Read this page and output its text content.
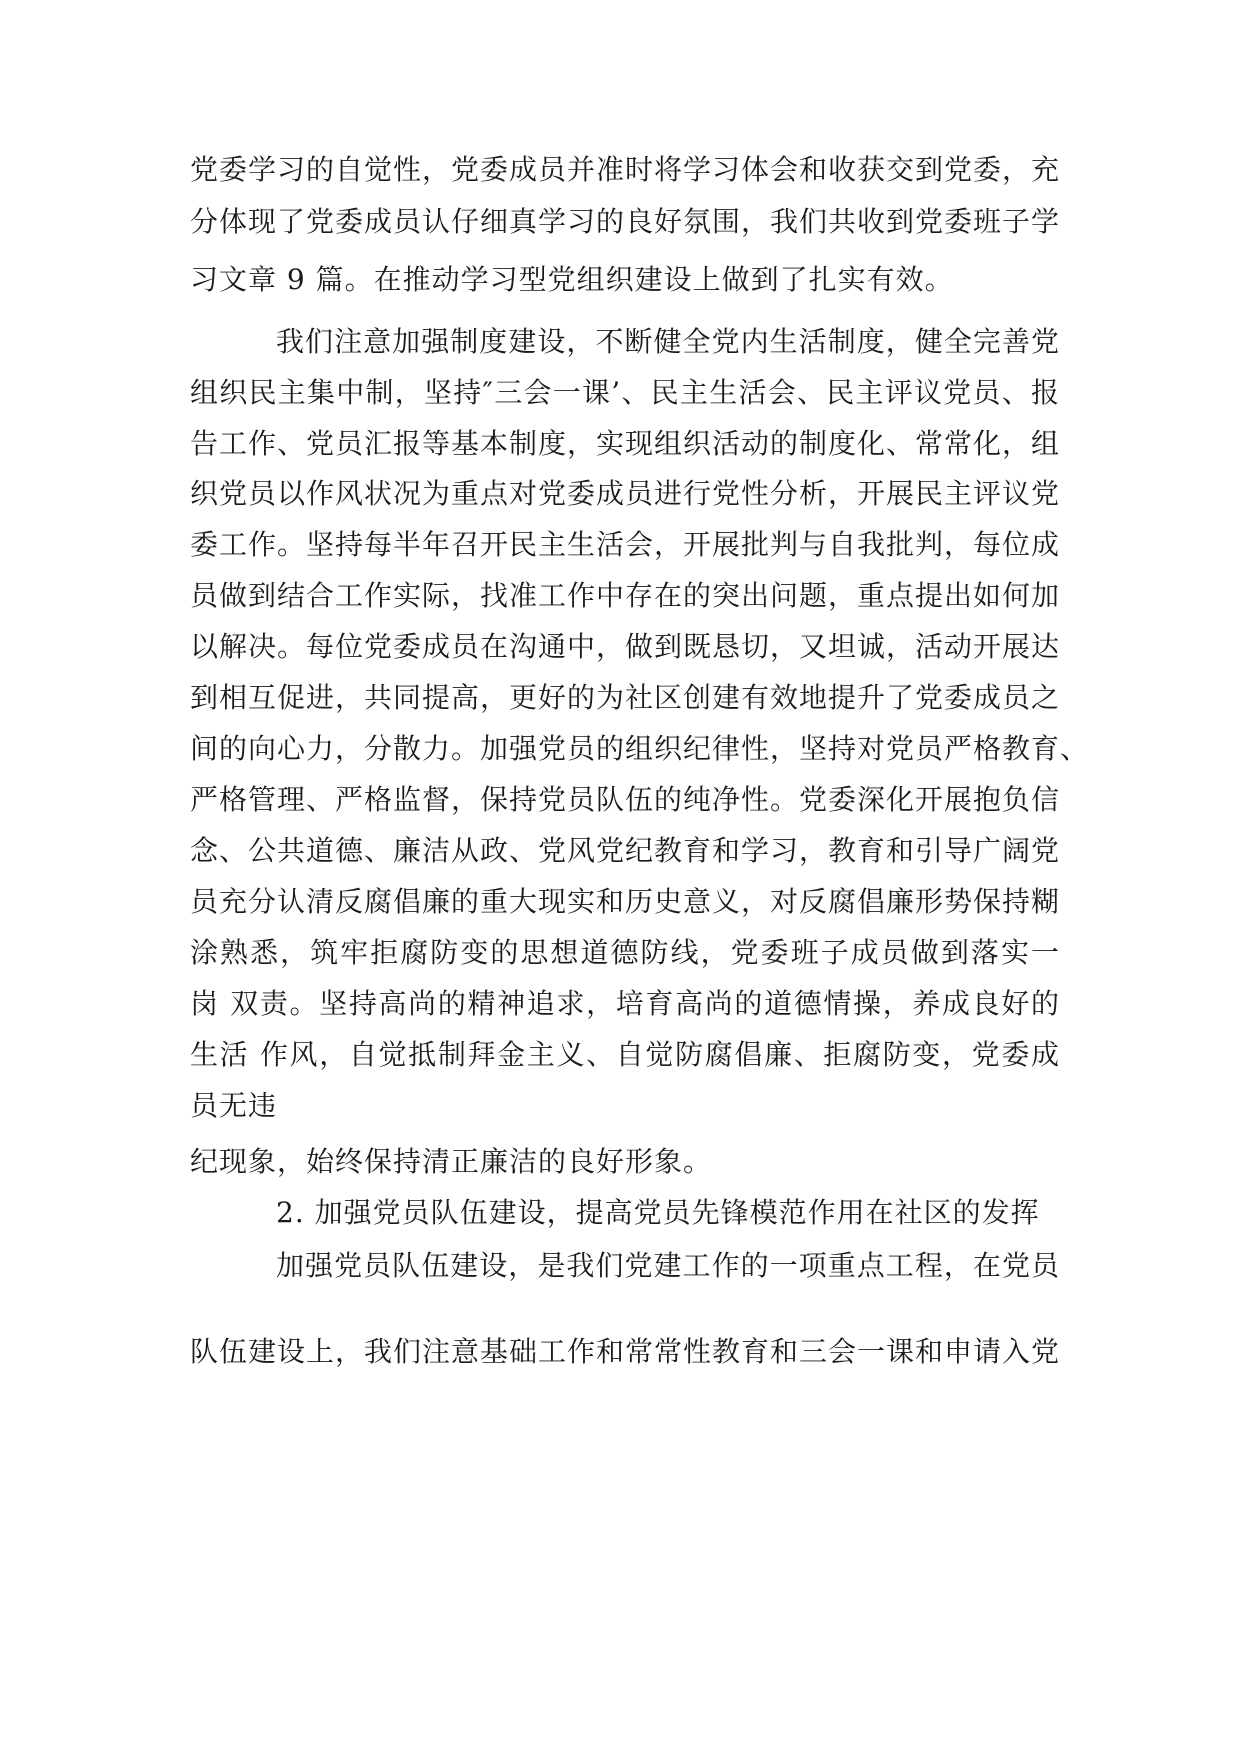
党委学习的自觉性，党委成员并准时将学习体会和收获交到党委，充
分体现了党委成员认仔细真学习的良好氛围，我们共收到党委班子学
习文章 9 篇。在推动学习型党组织建设上做到了扎实有效。
我们注意加强制度建设，不断健全党内生活制度，健全完善党
组织民主集中制，坚持″三会一课’、民主生活会、民主评议党员、报
告工作、党员汇报等基本制度，实现组织活动的制度化、常常化，组
织党员以作风状况为重点对党委成员进行党性分析，开展民主评议党
委工作。坚持每半年召开民主生活会，开展批判与自我批判，每位成
员做到结合工作实际，找准工作中存在的突出问题，重点提出如何加
以解决。每位党委成员在沟通中，做到既恳切，又坦诚，活动开展达
到相互促进，共同提高，更好的为社区创建有效地提升了党委成员之
间的向心力，分散力。加强党员的组织纪律性，坚持对党员严格教育、
严格管理、严格监督，保持党员队伍的纯净性。党委深化开展抱负信
念、公共道德、廉洁从政、党风党纪教育和学习，教育和引导广阔党
员充分认清反腐倡廉的重大现实和历史意义，对反腐倡廉形势保持糊
涂熟悉，筑牢拒腐防变的思想道德防线，党委班子成员做到落实一
岗 双责。坚持高尚的精神追求，培育高尚的道德情操，养成良好的
生活 作风，自觉抵制拜金主义、自觉防腐倡廉、拒腐防变，党委成
员无违
纪现象，始终保持清正廉洁的良好形象。
2. 加强党员队伍建设，提高党员先锋模范作用在社区的发挥
加强党员队伍建设，是我们党建工作的一项重点工程，在党员
队伍建设上，我们注意基础工作和常常性教育和三会一课和申请入党
